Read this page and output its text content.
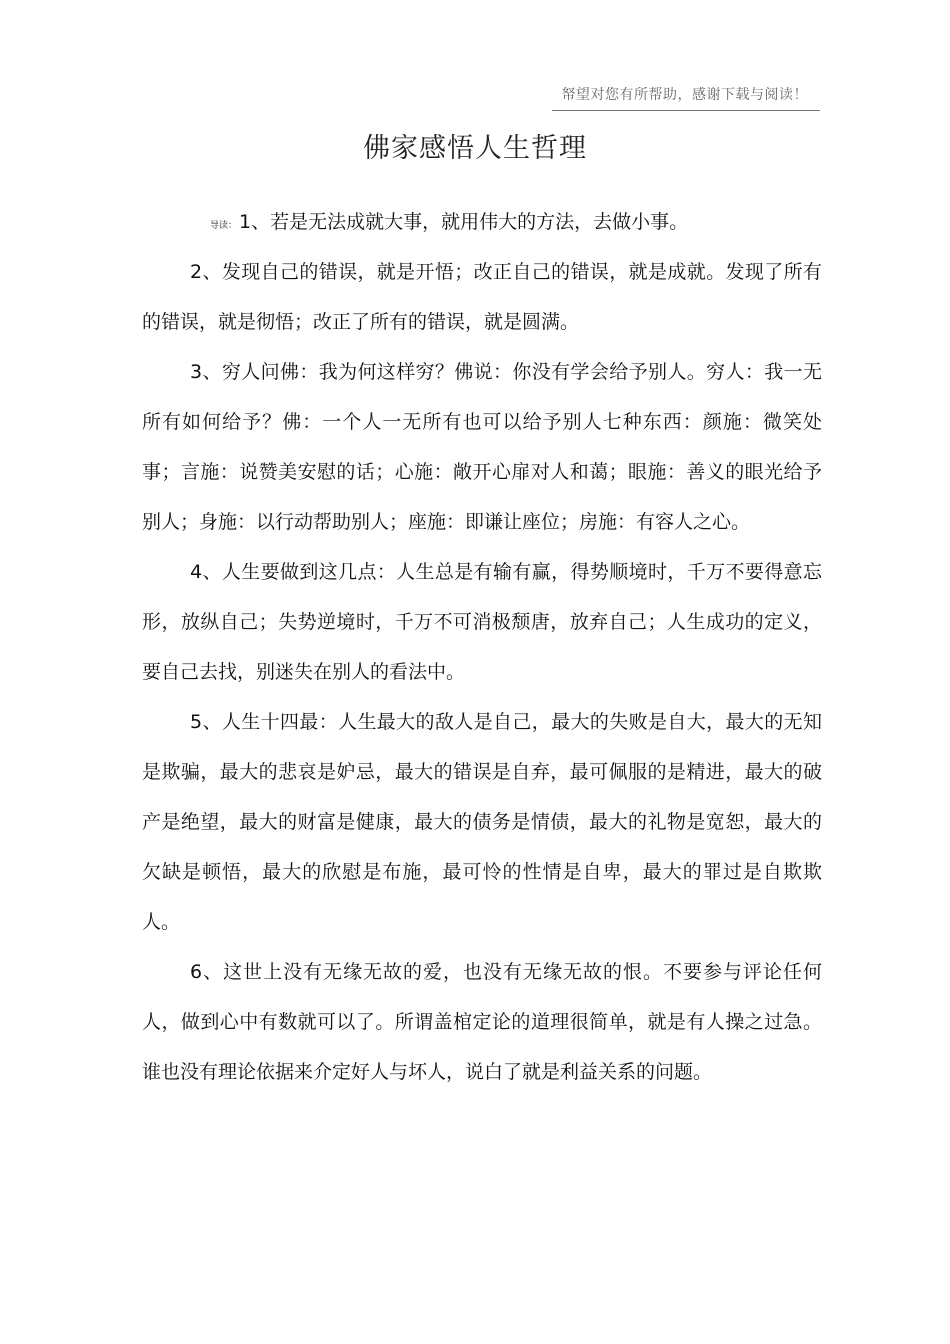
帑望对您有所帮助，感谢下载与阅读！
佛家感悟人生哲理

导读： 1、若是无法成就大事，就用伟大的方法，去做小事。

2、发现自己的错误，就是开悟；改正自己的错误，就是成就。发现了所有的错误，就是彻悟；改正了所有的错误，就是圆满。

3、穷人问佛：我为何这样穷？佛说：你没有学会给予别人。穷人：我一无所有如何给予？佛：一个人一无所有也可以给予别人七种东西：颜施：微笑处事；言施：说赞美安慰的话；心施：敞开心扉对人和蔼；眼施：善义的眼光给予别人；身施：以行动帮助别人；座施：即谦让座位；房施：有容人之心。

4、人生要做到这几点：人生总是有输有赢，得势顺境时，千万不要得意忘形，放纵自己；失势逆境时，千万不可消极颓唐，放弃自己；人生成功的定义，要自己去找，别迷失在别人的看法中。

5、人生十四最：人生最大的敌人是自己，最大的失败是自大，最大的无知是欺骗，最大的悲哀是妒忌，最大的错误是自弃，最可佩服的是精进，最大的破产是绝望，最大的财富是健康，最大的债务是情债，最大的礼物是宽恕，最大的欠缺是顿悟，最大的欣慰是布施，最可怜的性情是自卑，最大的罪过是自欺欺人。

6、这世上没有无缘无故的爱，也没有无缘无故的恨。不要参与评论任何人，做到心中有数就可以了。所谓盖棺定论的道理很简单，就是有人操之过急。谁也没有理论依据来介定好人与坏人，说白了就是利益关系的问题。
